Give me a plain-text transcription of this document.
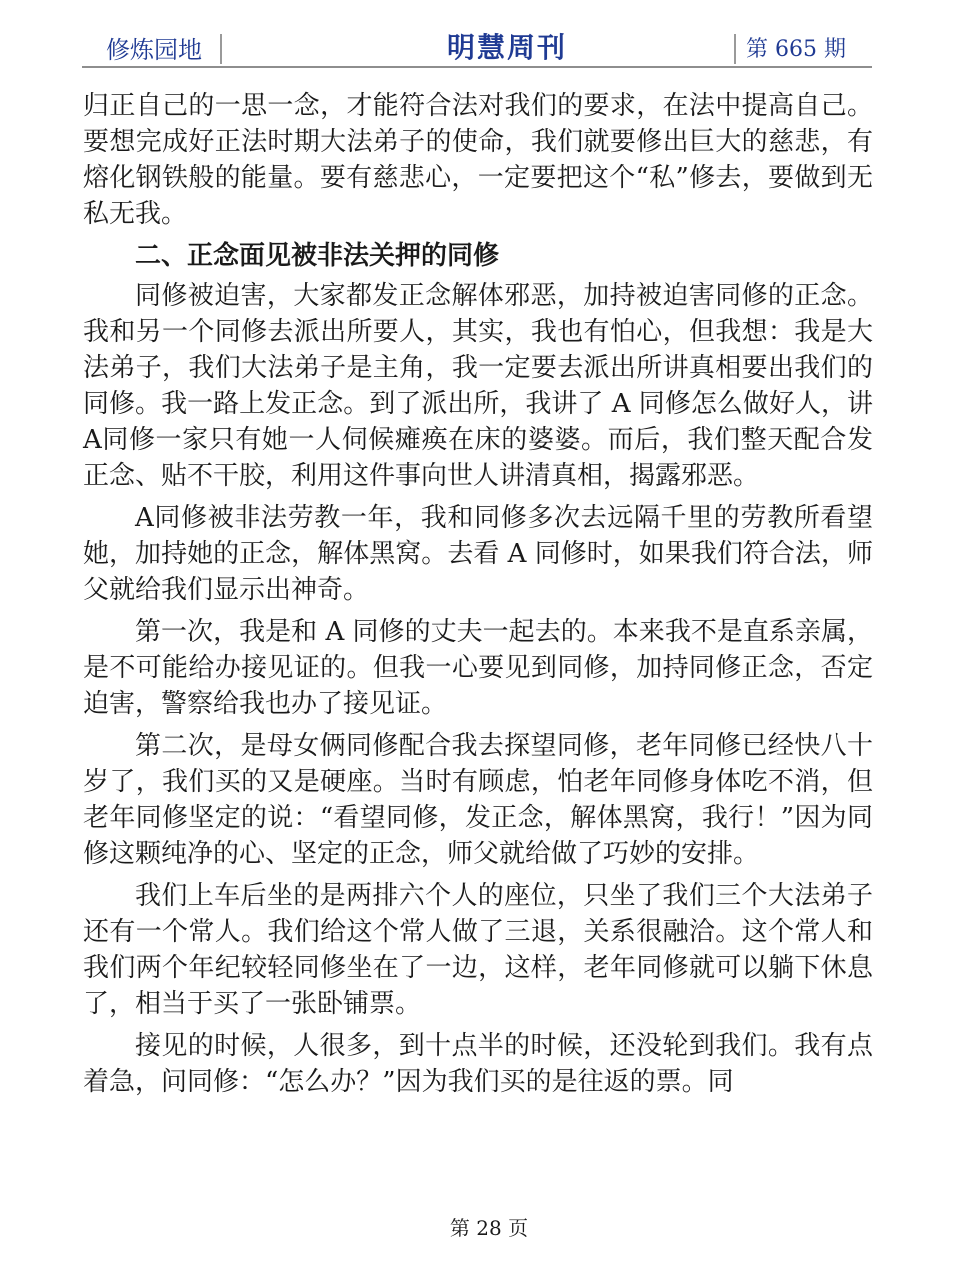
修炼园地	明慧周刊	第 665 期

归正自己的一思一念，才能符合法对我们的要求，在法中提高自己。要想完成好正法时期大法弟子的使命，我们就要修出巨大的慈悲，有熔化钢铁般的能量。要有慈悲心，一定要把这个“私”修去，要做到无私无我。

二、正念面见被非法关押的同修

同修被迫害，大家都发正念解体邪恶，加持被迫害同修的正念。我和另一个同修去派出所要人，其实，我也有怕心，但我想：我是大法弟子，我们大法弟子是主角，我一定要去派出所讲真相要出我们的同修。我一路上发正念。到了派出所，我讲了 A 同修怎么做好人，讲A同修一家只有她一人伺候瘫痪在床的婆婆。而后，我们整天配合发正念、贴不干胶，利用这件事向世人讲清真相，揭露邪恶。

A同修被非法劳教一年，我和同修多次去远隔千里的劳教所看望她，加持她的正念，解体黑窝。去看 A 同修时，如果我们符合法，师父就给我们显示出神奇。

第一次，我是和 A 同修的丈夫一起去的。本来我不是直系亲属，是不可能给办接见证的。但我一心要见到同修，加持同修正念，否定迫害，警察给我也办了接见证。

第二次，是母女俩同修配合我去探望同修，老年同修已经快八十岁了，我们买的又是硬座。当时有顾虑，怕老年同修身体吃不消，但老年同修坚定的说：“看望同修，发正念，解体黑窝，我行！”因为同修这颗纯净的心、坚定的正念，师父就给做了巧妙的安排。

我们上车后坐的是两排六个人的座位，只坐了我们三个大法弟子还有一个常人。我们给这个常人做了三退，关系很融洽。这个常人和我们两个年纪较轻同修坐在了一边，这样，老年同修就可以躺下休息了，相当于买了一张卧铺票。

接见的时候，人很多，到十点半的时候，还没轮到我们。我有点着急，问同修：“怎么办？”因为我们买的是往返的票。同

第 28 页
